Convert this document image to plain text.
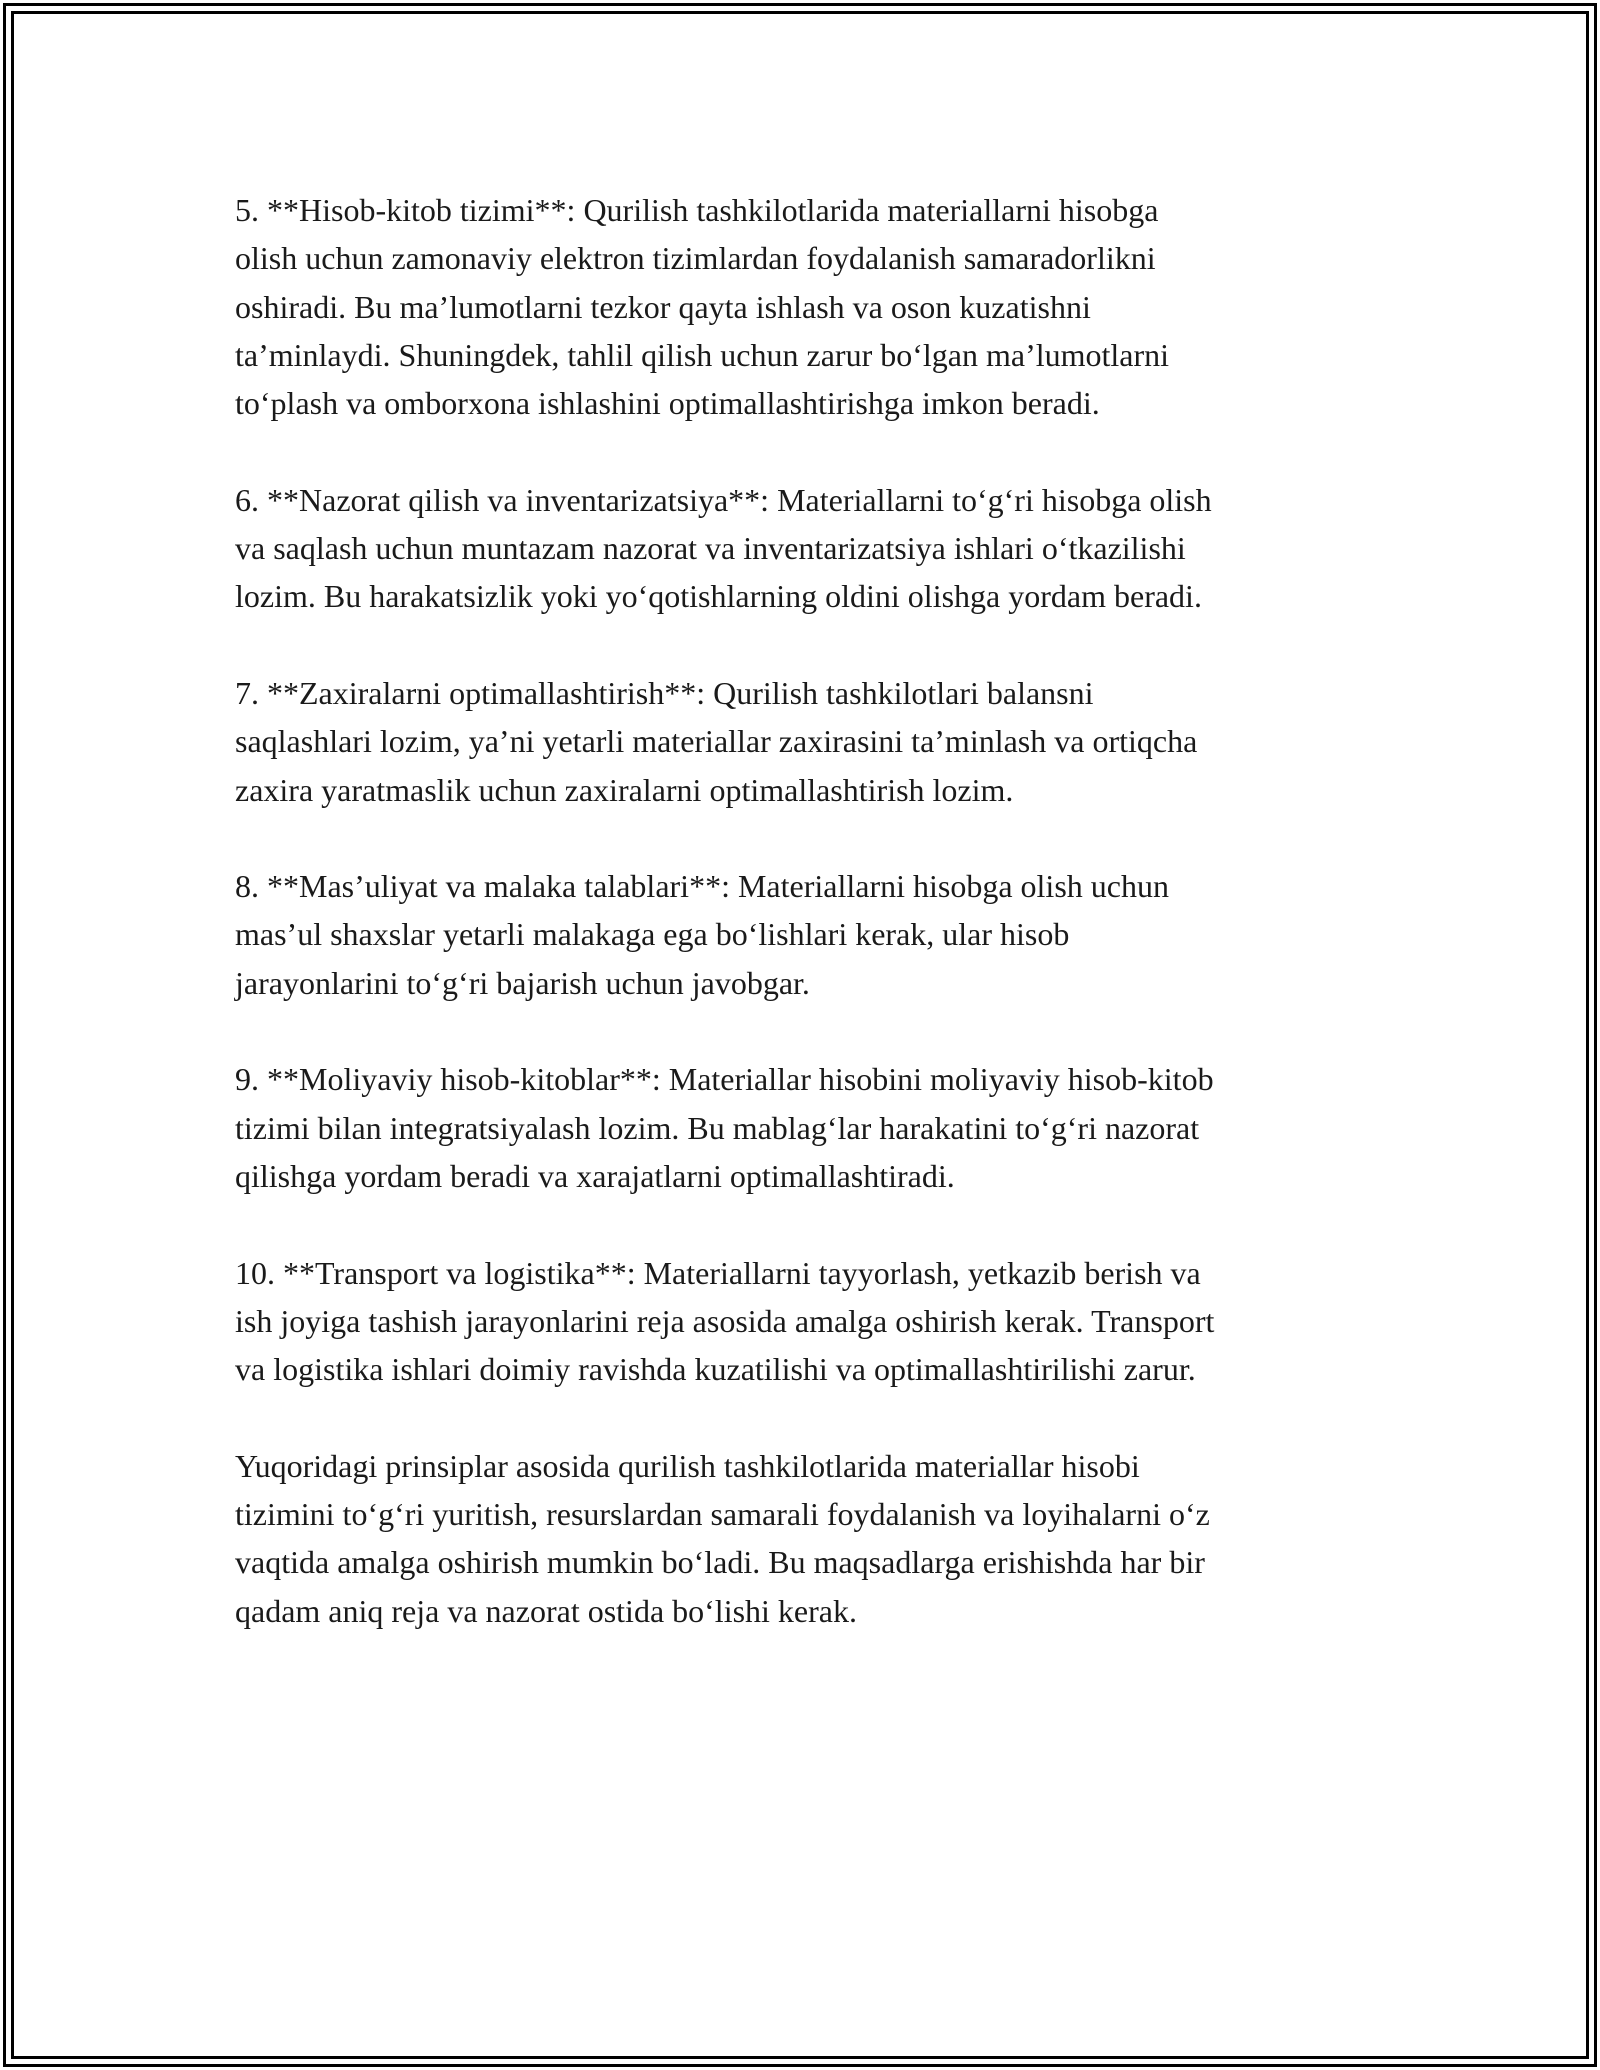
5. **Hisob-kitob tizimi**: Qurilish tashkilotlarida materiallarni hisobga
olish uchun zamonaviy elektron tizimlardan foydalanish samaradorlikni
oshiradi. Bu ma’lumotlarni tezkor qayta ishlash va oson kuzatishni
ta’minlaydi. Shuningdek, tahlil qilish uchun zarur boʻlgan ma’lumotlarni
toʻplash va omborxona ishlashini optimallashtirishga imkon beradi.

6. **Nazorat qilish va inventarizatsiya**: Materiallarni toʻgʻri hisobga olish
va saqlash uchun muntazam nazorat va inventarizatsiya ishlari oʻtkazilishi
lozim. Bu harakatsizlik yoki yoʻqotishlarning oldini olishga yordam beradi.

7. **Zaxiralarni optimallashtirish**: Qurilish tashkilotlari balansni
saqlashlari lozim, ya’ni yetarli materiallar zaxirasini ta’minlash va ortiqcha
zaxira yaratmaslik uchun zaxiralarni optimallashtirish lozim.

8. **Mas’uliyat va malaka talablari**: Materiallarni hisobga olish uchun
mas’ul shaxslar yetarli malakaga ega boʻlishlari kerak, ular hisob
jarayonlarini toʻgʻri bajarish uchun javobgar.

9. **Moliyaviy hisob-kitoblar**: Materiallar hisobini moliyaviy hisob-kitob
tizimi bilan integratsiyalash lozim. Bu mablagʻlar harakatini toʻgʻri nazorat
qilishga yordam beradi va xarajatlarni optimallashtiradi.

10. **Transport va logistika**: Materiallarni tayyorlash, yetkazib berish va
ish joyiga tashish jarayonlarini reja asosida amalga oshirish kerak. Transport
va logistika ishlari doimiy ravishda kuzatilishi va optimallashtirilishi zarur.

Yuqoridagi prinsiplar asosida qurilish tashkilotlarida materiallar hisobi
tizimini toʻgʻri yuritish, resurslardan samarali foydalanish va loyihalarni oʻz
vaqtida amalga oshirish mumkin boʻladi. Bu maqsadlarga erishishda har bir
qadam aniq reja va nazorat ostida boʻlishi kerak.
